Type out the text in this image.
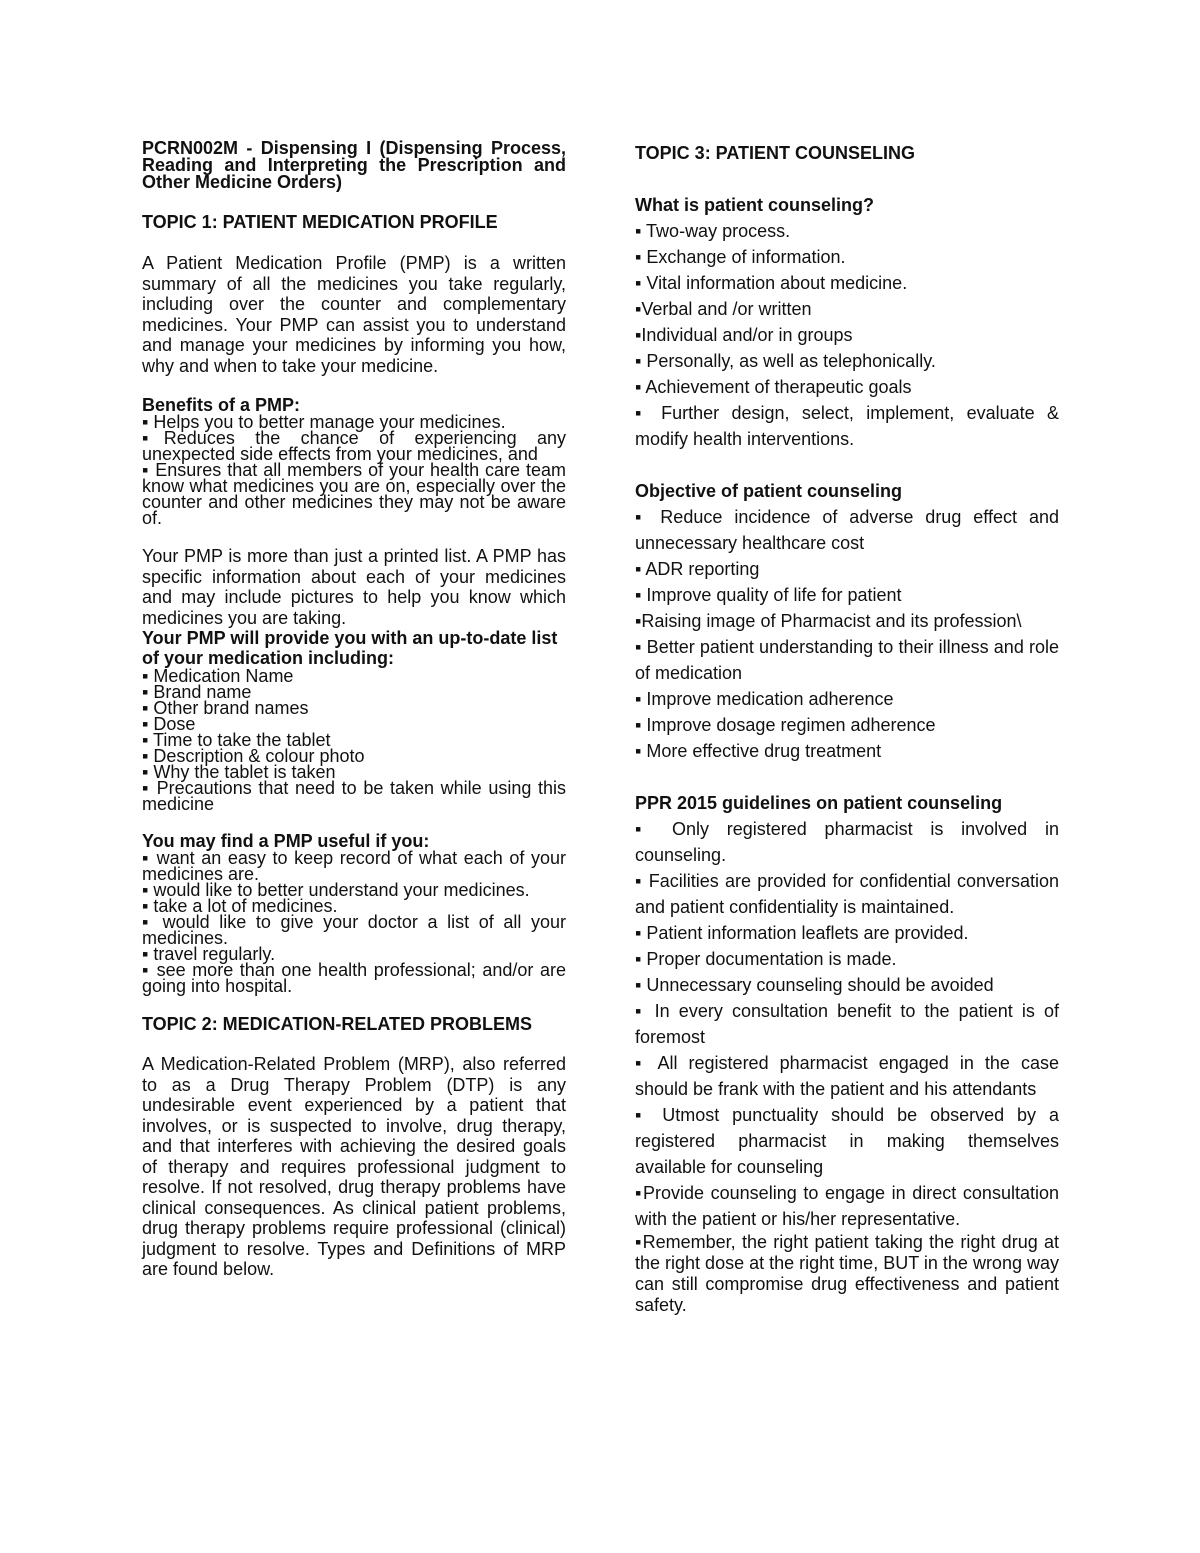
PCRN002M - Dispensing I (Dispensing Process, Reading and Interpreting the Prescription and Other Medicine Orders)

TOPIC 1: PATIENT MEDICATION PROFILE

A Patient Medication Profile (PMP) is a written summary of all the medicines you take regularly, including over the counter and complementary medicines. Your PMP can assist you to understand and manage your medicines by informing you how, why and when to take your medicine.

Benefits of a PMP:

▪ Helps you to better manage your medicines.
▪Reduces the chance of experiencing any unexpected side effects from your medicines, and
▪ Ensures that all members of your health care team know what medicines you are on, especially over the counter and other medicines they may not be aware of.

Your PMP is more than just a printed list. A PMP has specific information about each of your medicines and may include pictures to help you know which medicines you are taking.

Your PMP will provide you with an up-to-date list of your medication including:

▪ Medication Name
▪ Brand name
▪ Other brand names
▪ Dose
▪ Time to take the tablet
▪ Description & colour photo
▪ Why the tablet is taken
▪ Precautions that need to be taken while using this medicine

You may find a PMP useful if you:

▪ want an easy to keep record of what each of your medicines are.
▪ would like to better understand your medicines.
▪ take a lot of medicines.
▪ would like to give your doctor a list of all your medicines.
▪ travel regularly.
▪ see more than one health professional; and/or are going into hospital.

TOPIC 2: MEDICATION-RELATED PROBLEMS

A Medication-Related Problem (MRP), also referred to as a Drug Therapy Problem (DTP) is any undesirable event experienced by a patient that involves, or is suspected to involve, drug therapy, and that interferes with achieving the desired goals of therapy and requires professional judgment to resolve. If not resolved, drug therapy problems have clinical consequences. As clinical patient problems, drug therapy problems require professional (clinical) judgment to resolve. Types and Definitions of MRP are found below.

TOPIC 3: PATIENT COUNSELING

What is patient counseling?

▪ Two-way process.
▪ Exchange of information.
▪ Vital information about medicine.
▪Verbal and /or written
▪Individual and/or in groups
▪ Personally, as well as telephonically.
▪ Achievement of therapeutic goals
▪ Further design, select, implement, evaluate & modify health interventions.

Objective of patient counseling

▪ Reduce incidence of adverse drug effect and unnecessary healthcare cost
▪ ADR reporting
▪ Improve quality of life for patient
▪Raising image of Pharmacist and its profession\
▪ Better patient understanding to their illness and role of medication
▪ Improve medication adherence
▪ Improve dosage regimen adherence
▪ More effective drug treatment

PPR 2015 guidelines on patient counseling

▪ Only registered pharmacist is involved in counseling.
▪ Facilities are provided for confidential conversation and patient confidentiality is maintained.
▪ Patient information leaflets are provided.
▪ Proper documentation is made.
▪ Unnecessary counseling should be avoided
▪ In every consultation benefit to the patient is of foremost
▪ All registered pharmacist engaged in the case should be frank with the patient and his attendants
▪ Utmost punctuality should be observed by a registered pharmacist in making themselves available for counseling
▪Provide counseling to engage in direct consultation with the patient or his/her representative.
▪Remember, the right patient taking the right drug at the right dose at the right time, BUT in the wrong way can still compromise drug effectiveness and patient safety.
